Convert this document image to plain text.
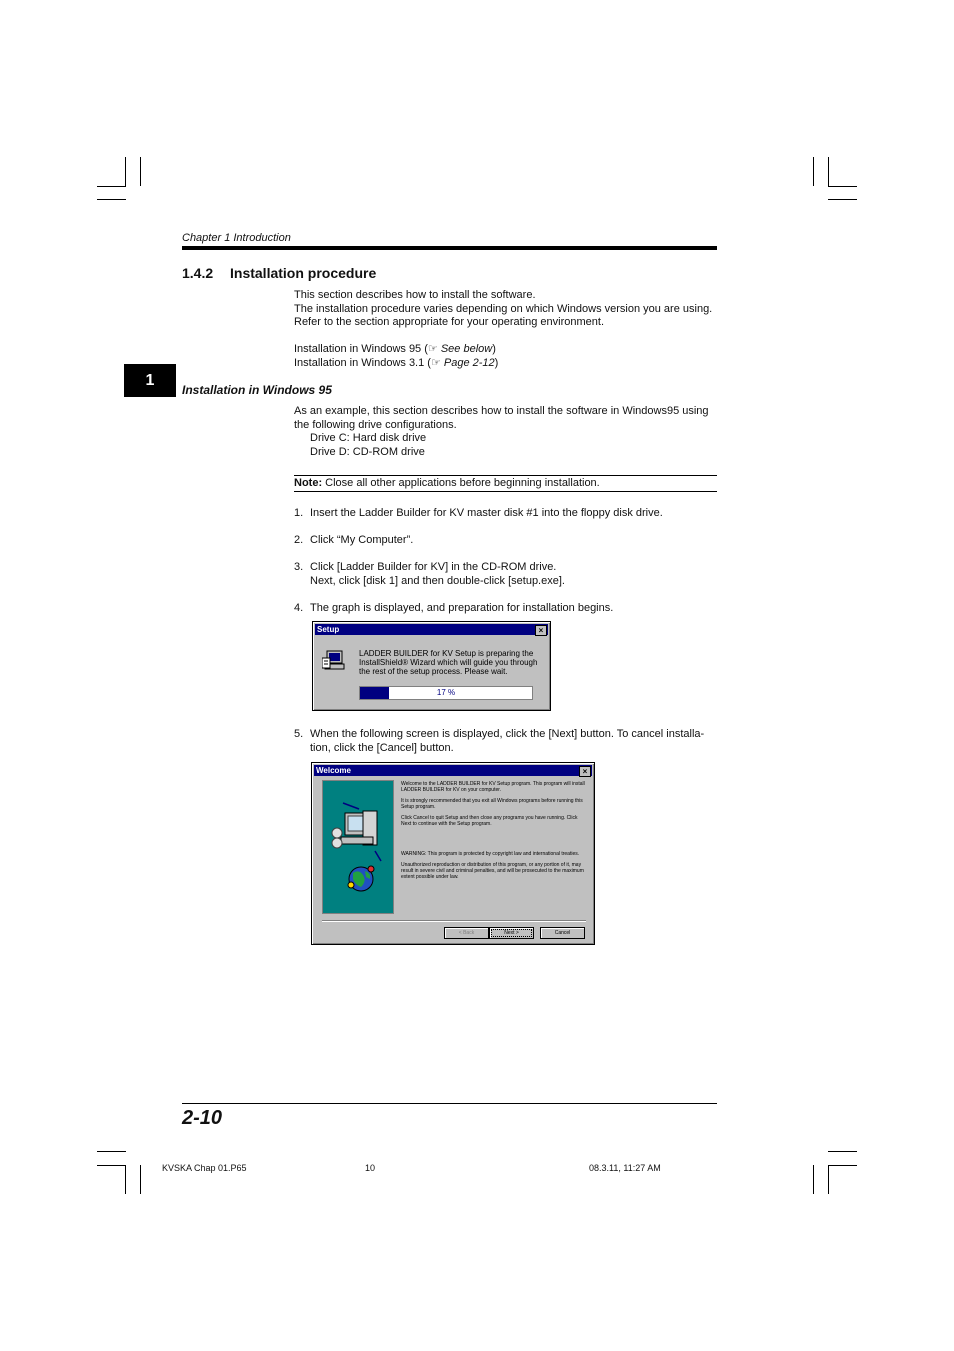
Chapter 1 Introduction
1.4.2 Installation procedure

This section describes how to install the software.

The installation procedure varies depending on which Windows version you are using. Refer to the section appropriate for your operating environment.

Installation in Windows 95 (☞ See below)

Installation in Windows 3.1 (☞ Page 2-12)

1
Installation in Windows 95

As an example, this section describes how to install the software in Windows95 using the following drive configurations.

Drive C: Hard disk drive

Drive D: CD-ROM drive

Note: Close all other applications before beginning installation.
1. Insert the Ladder Builder for KV master disk #1 into the floppy disk drive.
2. Click “My Computer”.
3. Click [Ladder Builder for KV] in the CD-ROM drive.
Next, click [disk 1] and then double-click [setup.exe].
4. The graph is displayed, and preparation for installation begins.
Setup	×
LADDER BUILDER for KV Setup is preparing the InstallShield® Wizard which will guide you through the rest of the setup process. Please wait.
17 %
5. When the following screen is displayed, click the [Next] button. To cancel installa-tion, click the [Cancel] button.
Welcome	×

Welcome to the LADDER BUILDER for KV Setup program. This program will install LADDER BUILDER for KV on your computer.

It is strongly recommended that you exit all Windows programs before running this Setup program.

Click Cancel to quit Setup and then close any programs you have running. Click Next to continue with the Setup program.

WARNING: This program is protected by copyright law and international treaties.

Unauthorized reproduction or distribution of this program, or any portion of it, may result in severe civil and criminal penalties, and will be prosecuted to the maximum extent possible under law.

< Back	Next >	Cancel
2-10
KVSKA Chap 01.P65	10	08.3.11, 11:27 AM
